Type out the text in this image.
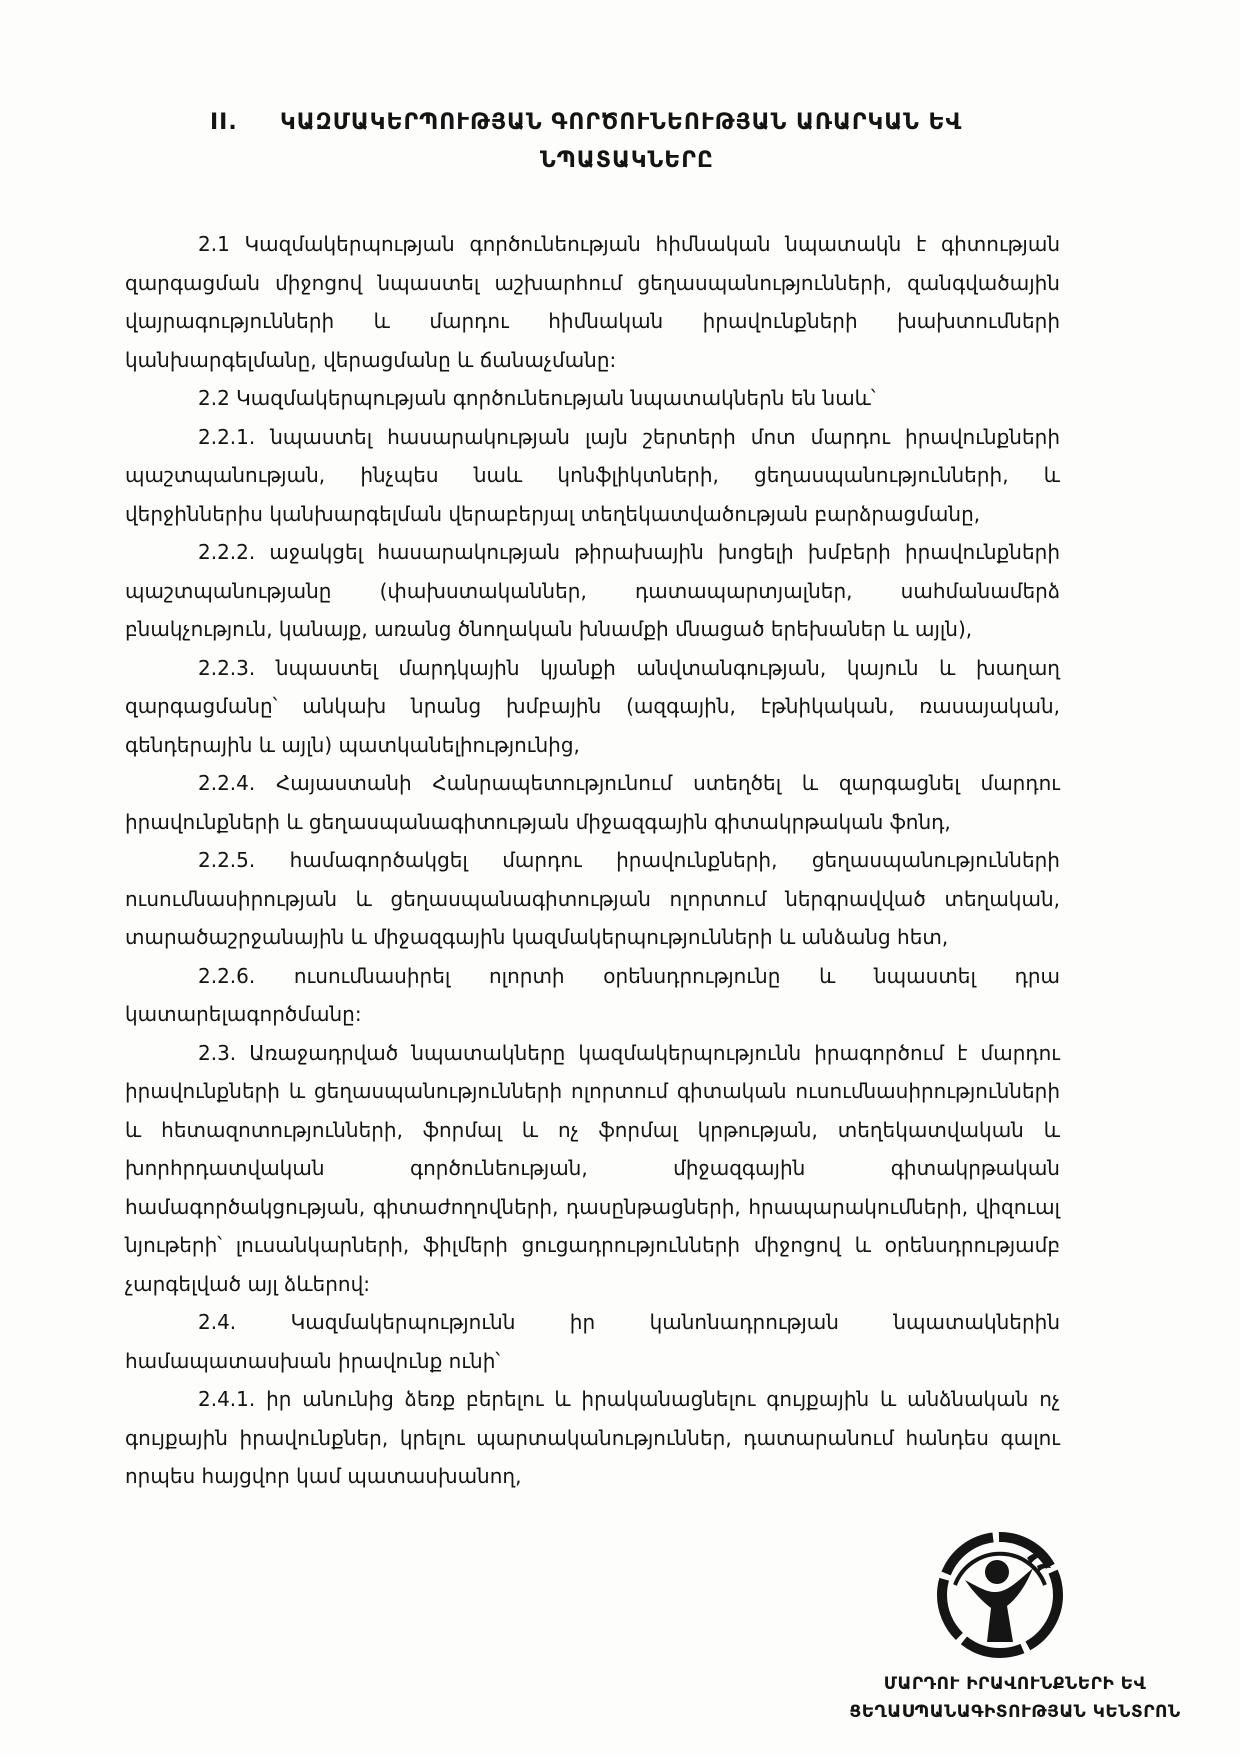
II. ԿԱԶՄԱԿԵՐՊՈՒԹՅԱՆ ԳՈՐԾՈՒՆԵՈՒԹՅԱՆ ԱՌԱՐԿԱՆ ԵՎ
ՆՊԱՏԱԿՆԵՐԸ

2.1 Կազմակերպության գործունեության հիմնական նպատակն է գիտության զարգացման միջոցով նպաստել աշխարհում ցեղասպանությունների, զանգվածային վայրագությունների և մարդու հիմնական իրավունքների խախտումների կանխարգելմանը, վերացմանը և ճանաչմանը:

2.2 Կազմակերպության գործունեության նպատակներն են նաև՝

2.2.1. նպաստել հասարակության լայն շերտերի մոտ մարդու իրավունքների պաշտպանության, ինչպես նաև կոնֆլիկտների, ցեղասպանությունների, և վերջիններիս կանխարգելման վերաբերյալ տեղեկատվածության բարձրացմանը,

2.2.2. աջակցել հասարակության թիրախային խոցելի խմբերի իրավունքների պաշտպանությանը (փախստականներ, դատապարտյալներ, սահմանամերձ բնակչություն, կանայք, առանց ծնողական խնամքի մնացած երեխաներ և այլն),

2.2.3. նպաստել մարդկային կյանքի անվտանգության, կայուն և խաղաղ զարգացմանը՝ անկախ նրանց խմբային (ազգային, էթնիկական, ռասայական, գենդերային և այլն) պատկանելիությունից,

2.2.4. Հայաստանի Հանրապետությունում ստեղծել և զարգացնել մարդու իրավունքների և ցեղասպանագիտության միջազգային գիտակրթական ֆոնդ,

2.2.5. համագործակցել մարդու իրավունքների, ցեղասպանությունների ուսումնասիրության և ցեղասպանագիտության ոլորտում ներգրավված տեղական, տարածաշրջանային և միջազգային կազմակերպությունների և անձանց հետ,

2.2.6. ուսումնասիրել ոլորտի օրենսդրությունը և նպաստել դրա կատարելագործմանը:

2.3. Առաջադրված նպատակները կազմակերպությունն իրագործում է մարդու իրավունքների և ցեղասպանությունների ոլորտում գիտական ուսումնասիրությունների և հետազոտությունների, ֆորմալ և ոչ ֆորմալ կրթության, տեղեկատվական և խորհրդատվական գործունեության, միջազգային գիտակրթական համագործակցության, գիտաժողովների, դասընթացների, հրապարակումների, վիզուալ նյութերի՝ լուսանկարների, ֆիլմերի ցուցադրությունների միջոցով և օրենսդրությամբ չարգելված այլ ձևերով:

2.4. Կազմակերպությունն իր կանոնադրության նպատակներին համապատասխան իրավունք ունի՝

2.4.1. իր անունից ձեռք բերելու և իրականացնելու գույքային և անձնական ոչ գույքային իրավունքներ, կրելու պարտականություններ, դատարանում հանդես գալու որպես հայցվոր կամ պատասխանող,

ՄԱՐԴՈՒ ԻՐԱՎՈՒՆՔՆԵՐԻ ԵՎ
ՑԵՂԱՍՊԱՆԱԳԻՏՈՒԹՅԱՆ ԿԵՆՏՐՈՆ
